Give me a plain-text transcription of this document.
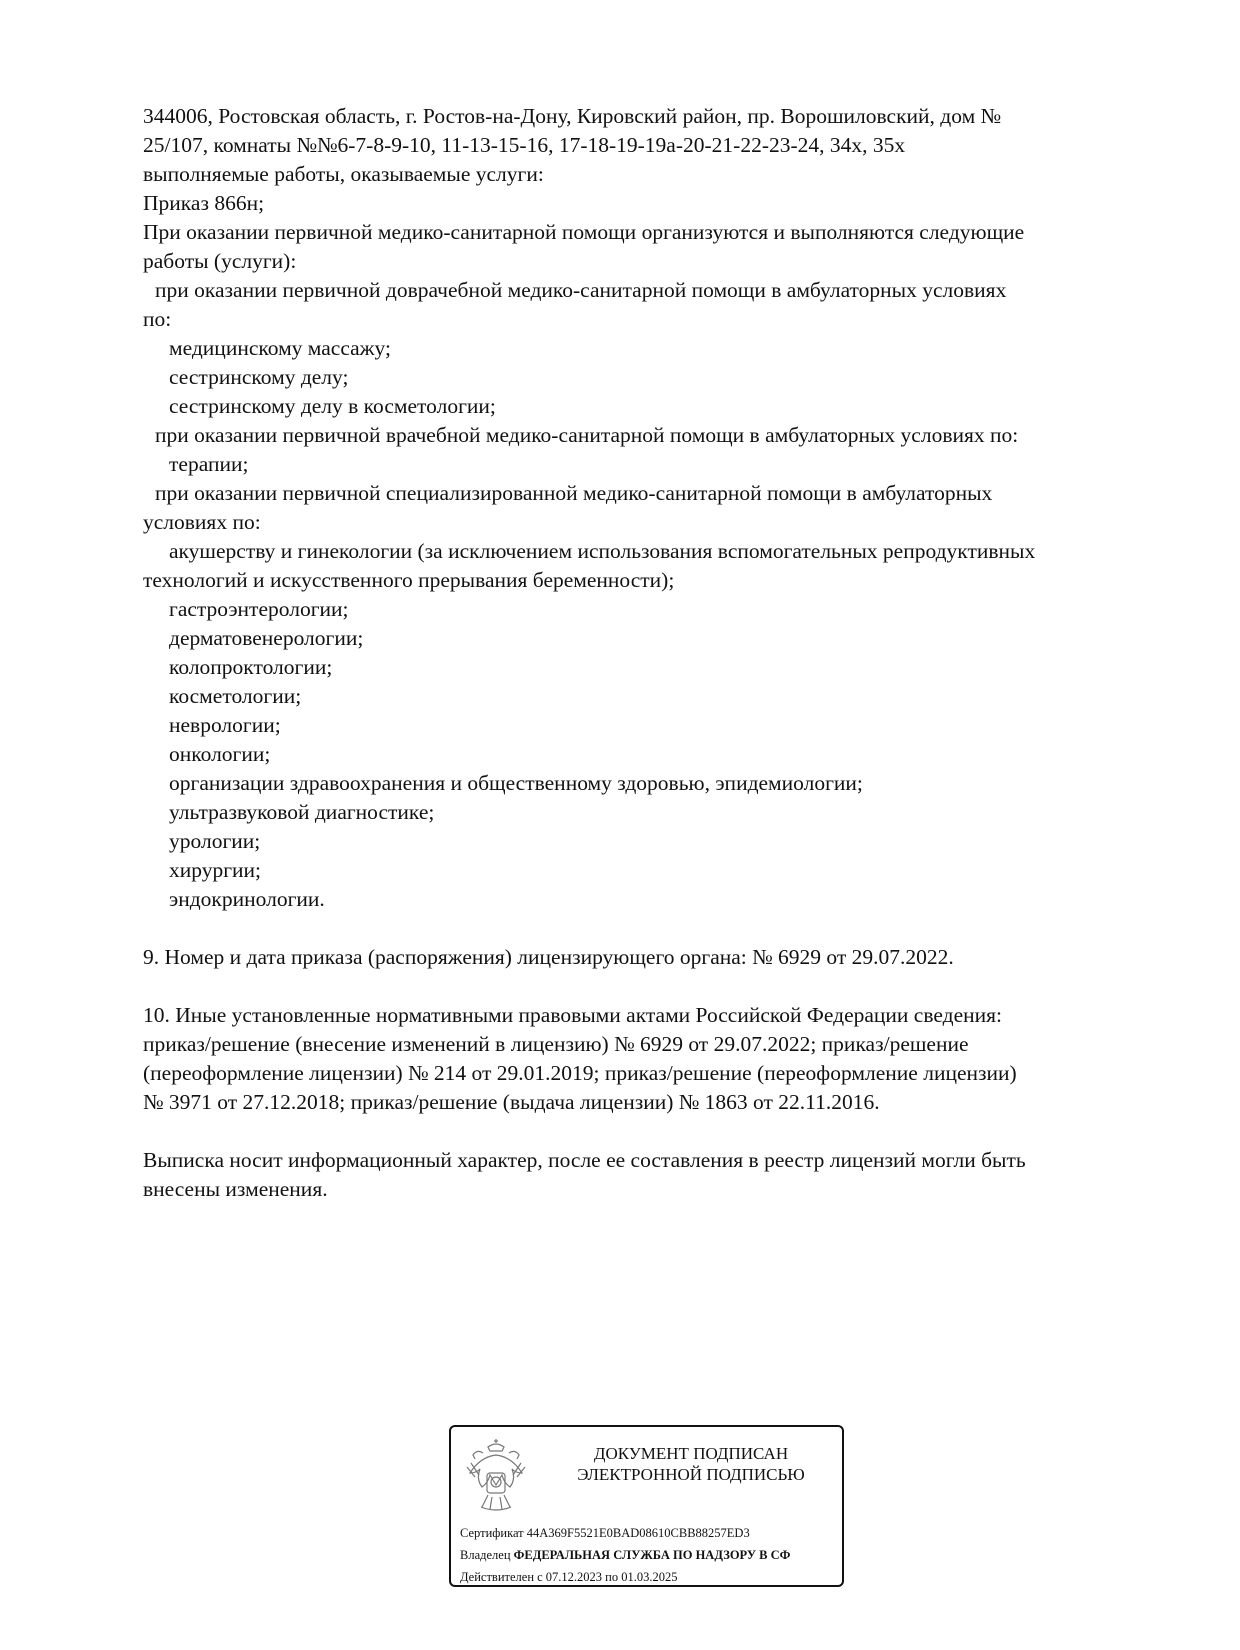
344006, Ростовская область, г. Ростов-на-Дону, Кировский район, пр. Ворошиловский, дом №
25/107, комнаты №№6-7-8-9-10, 11-13-15-16, 17-18-19-19а-20-21-22-23-24, 34х, 35х
выполняемые работы, оказываемые услуги:
Приказ 866н;
При оказании первичной медико-санитарной помощи организуются и выполняются следующие
работы (услуги):
при оказании первичной доврачебной медико-санитарной помощи в амбулаторных условиях
по:
медицинскому массажу;
сестринскому делу;
сестринскому делу в косметологии;
при оказании первичной врачебной медико-санитарной помощи в амбулаторных условиях по:
терапии;
при оказании первичной специализированной медико-санитарной помощи в амбулаторных
условиях по:
акушерству и гинекологии (за исключением использования вспомогательных репродуктивных
технологий и искусственного прерывания беременности);
гастроэнтерологии;
дерматовенерологии;
колопроктологии;
косметологии;
неврологии;
онкологии;
организации здравоохранения и общественному здоровью, эпидемиологии;
ультразвуковой диагностике;
урологии;
хирургии;
эндокринологии.
9. Номер и дата приказа (распоряжения) лицензирующего органа: № 6929 от 29.07.2022.
10. Иные установленные нормативными правовыми актами Российской Федерации сведения:
приказ/решение (внесение изменений в лицензию) № 6929 от 29.07.2022; приказ/решение
(переоформление лицензии) № 214 от 29.01.2019; приказ/решение (переоформление лицензии)
№ 3971 от 27.12.2018; приказ/решение (выдача лицензии) № 1863 от 22.11.2016.
Выписка носит информационный характер, после ее составления в реестр лицензий могли быть
внесены изменения.
ДОКУМЕНТ ПОДПИСАН
ЭЛЕКТРОННОЙ ПОДПИСЬЮ
Сертификат 44A369F5521E0BAD08610CBB88257ED3
Владелец ФЕДЕРАЛЬНАЯ СЛУЖБА ПО НАДЗОРУ В СФ
Действителен с 07.12.2023 по 01.03.2025
